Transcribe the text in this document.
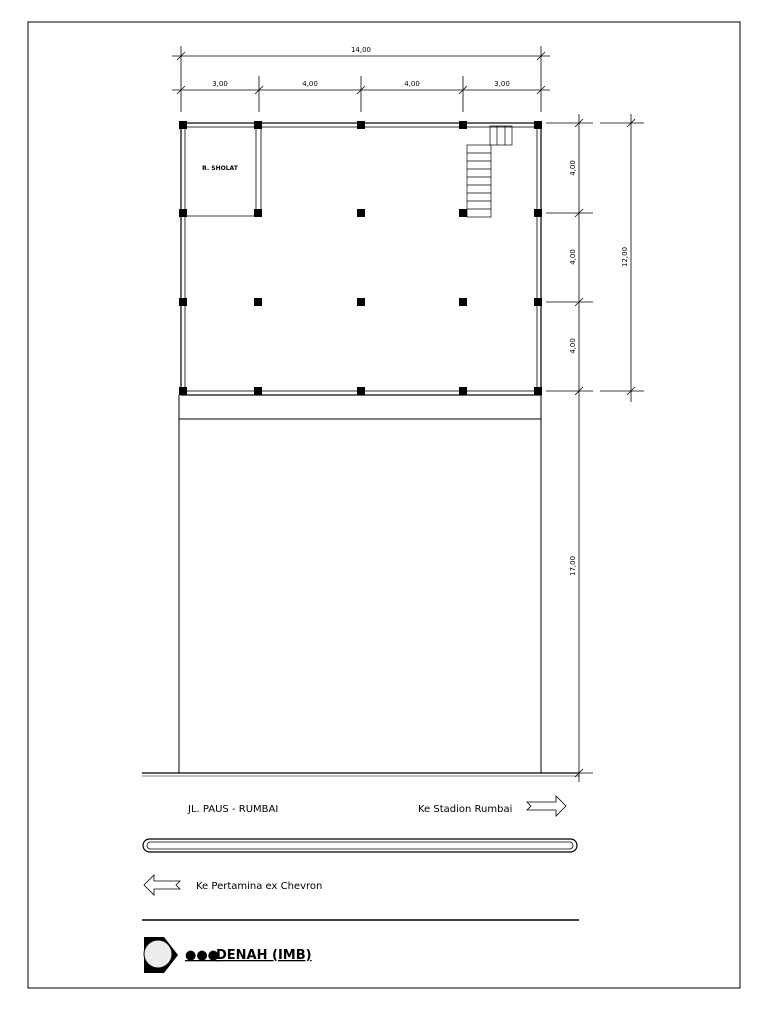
14,00
3,00	4,00	4,00	3,00
R. SHOLAT	4,00
4,00
4,00
17,00
12,00
JL. PAUS - RUMBAI	Ke Stadion Rumbai
Ke Pertamina ex Chevron
●●●
DENAH (IMB)
